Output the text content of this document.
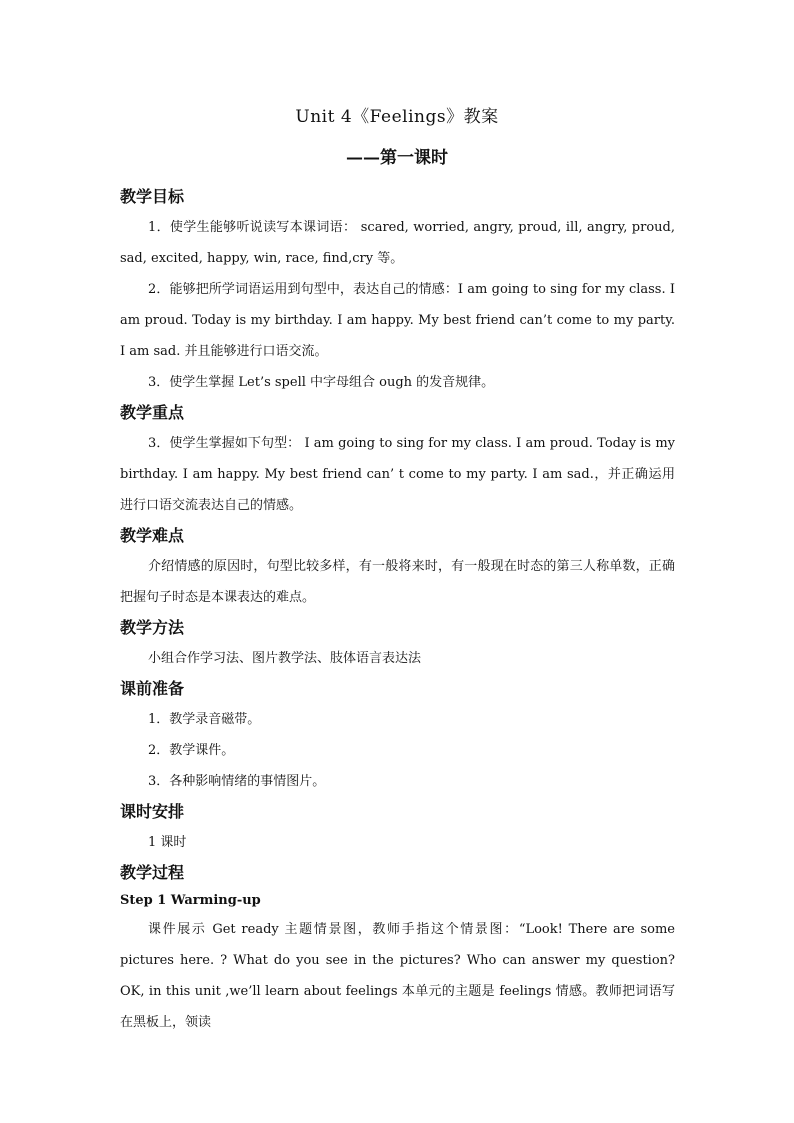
Unit 4《Feelings》教案
——第一课时
教学目标

1．使学生能够听说读写本课词语： scared, worried, angry, proud, ill, angry, proud, sad, excited, happy, win, race, find,cry 等。

2．能够把所学词语运用到句型中，表达自己的情感：I am going to sing for my class. I am proud. Today is my birthday. I am happy. My best friend can’t come to my party. I am sad. 并且能够进行口语交流。

3．使学生掌握 Let’s spell 中字母组合 ough 的发音规律。

教学重点

3．使学生掌握如下句型： I am going to sing for my class. I am proud. Today is my birthday. I am happy. My best friend can’ t come to my party. I am sad.，并正确运用进行口语交流表达自己的情感。

教学难点

介绍情感的原因时，句型比较多样，有一般将来时，有一般现在时态的第三人称单数，正确把握句子时态是本课表达的难点。

教学方法

小组合作学习法、图片教学法、肢体语言表达法

课前准备

1．教学录音磁带。

2．教学课件。

3．各种影响情绪的事情图片。

课时安排

1 课时

教学过程
Step 1 Warming-up

课件展示 Get ready 主题情景图，教师手指这个情景图：“Look! There are some pictures here. ? What do you see in the pictures? Who can answer my question? OK, in this unit ,we’ll learn about feelings 本单元的主题是 feelings 情感。教师把词语写在黑板上，领读
